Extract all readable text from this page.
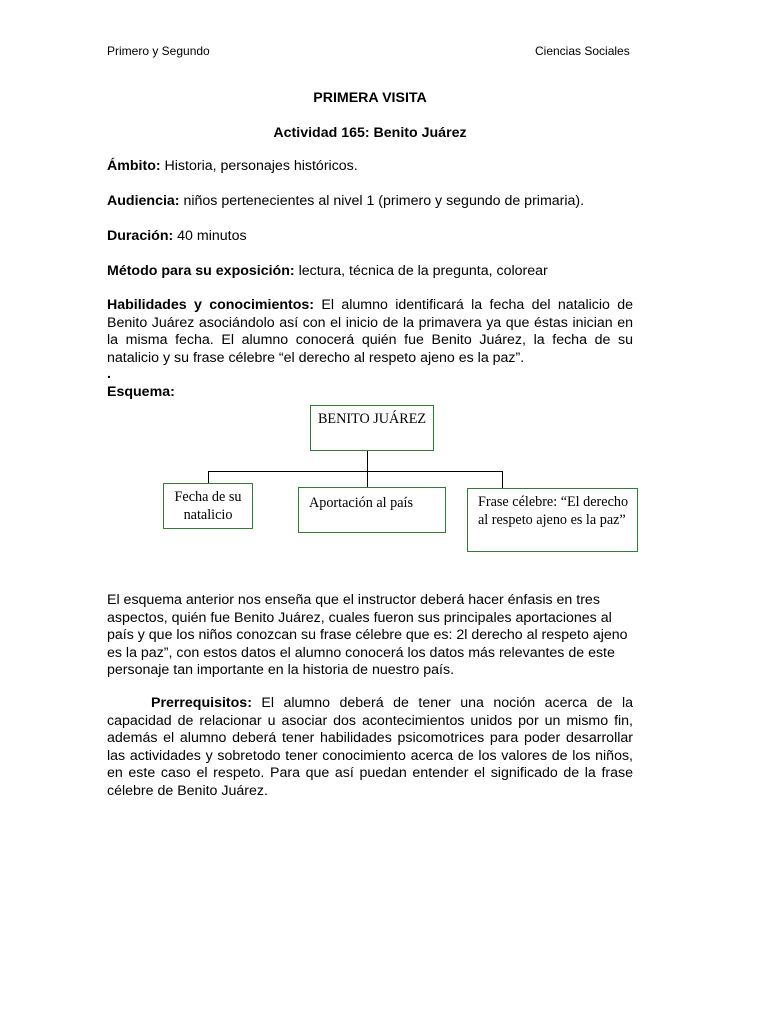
Primero y Segundo	Ciencias Sociales
PRIMERA VISITA
Actividad 165: Benito Juárez

Ámbito: Historia, personajes históricos.

Audiencia: niños pertenecientes al nivel 1 (primero y segundo de primaria).

Duración: 40 minutos

Método para su exposición: lectura, técnica de la pregunta, colorear

Habilidades y conocimientos: El alumno identificará la fecha del natalicio de Benito Juárez asociándolo así con el inicio de la primavera ya que éstas inician en la misma fecha. El alumno conocerá quién fue Benito Juárez, la fecha de su natalicio y su frase célebre “el derecho al respeto ajeno es la paz”.

.
Esquema:
BENITO JUÁREZ
Fecha de su natalicio
Aportación al país	Frase célebre: “El derecho al respeto ajeno es la paz”

El esquema anterior nos enseña que el instructor deberá hacer énfasis en tres aspectos, quién fue Benito Juárez, cuales fueron sus principales aportaciones al país y que los niños conozcan su frase célebre que es: 2l derecho al respeto ajeno es la paz”, con estos datos el alumno conocerá los datos más relevantes de este personaje tan importante en la historia de nuestro país.

Prerrequisitos: El alumno deberá de tener una noción acerca de la capacidad de relacionar u asociar dos acontecimientos unidos por un mismo fin, además el alumno deberá tener habilidades psicomotrices para poder desarrollar las actividades y sobretodo tener conocimiento acerca de los valores de los niños, en este caso el respeto. Para que así puedan entender el significado de la frase célebre de Benito Juárez.
